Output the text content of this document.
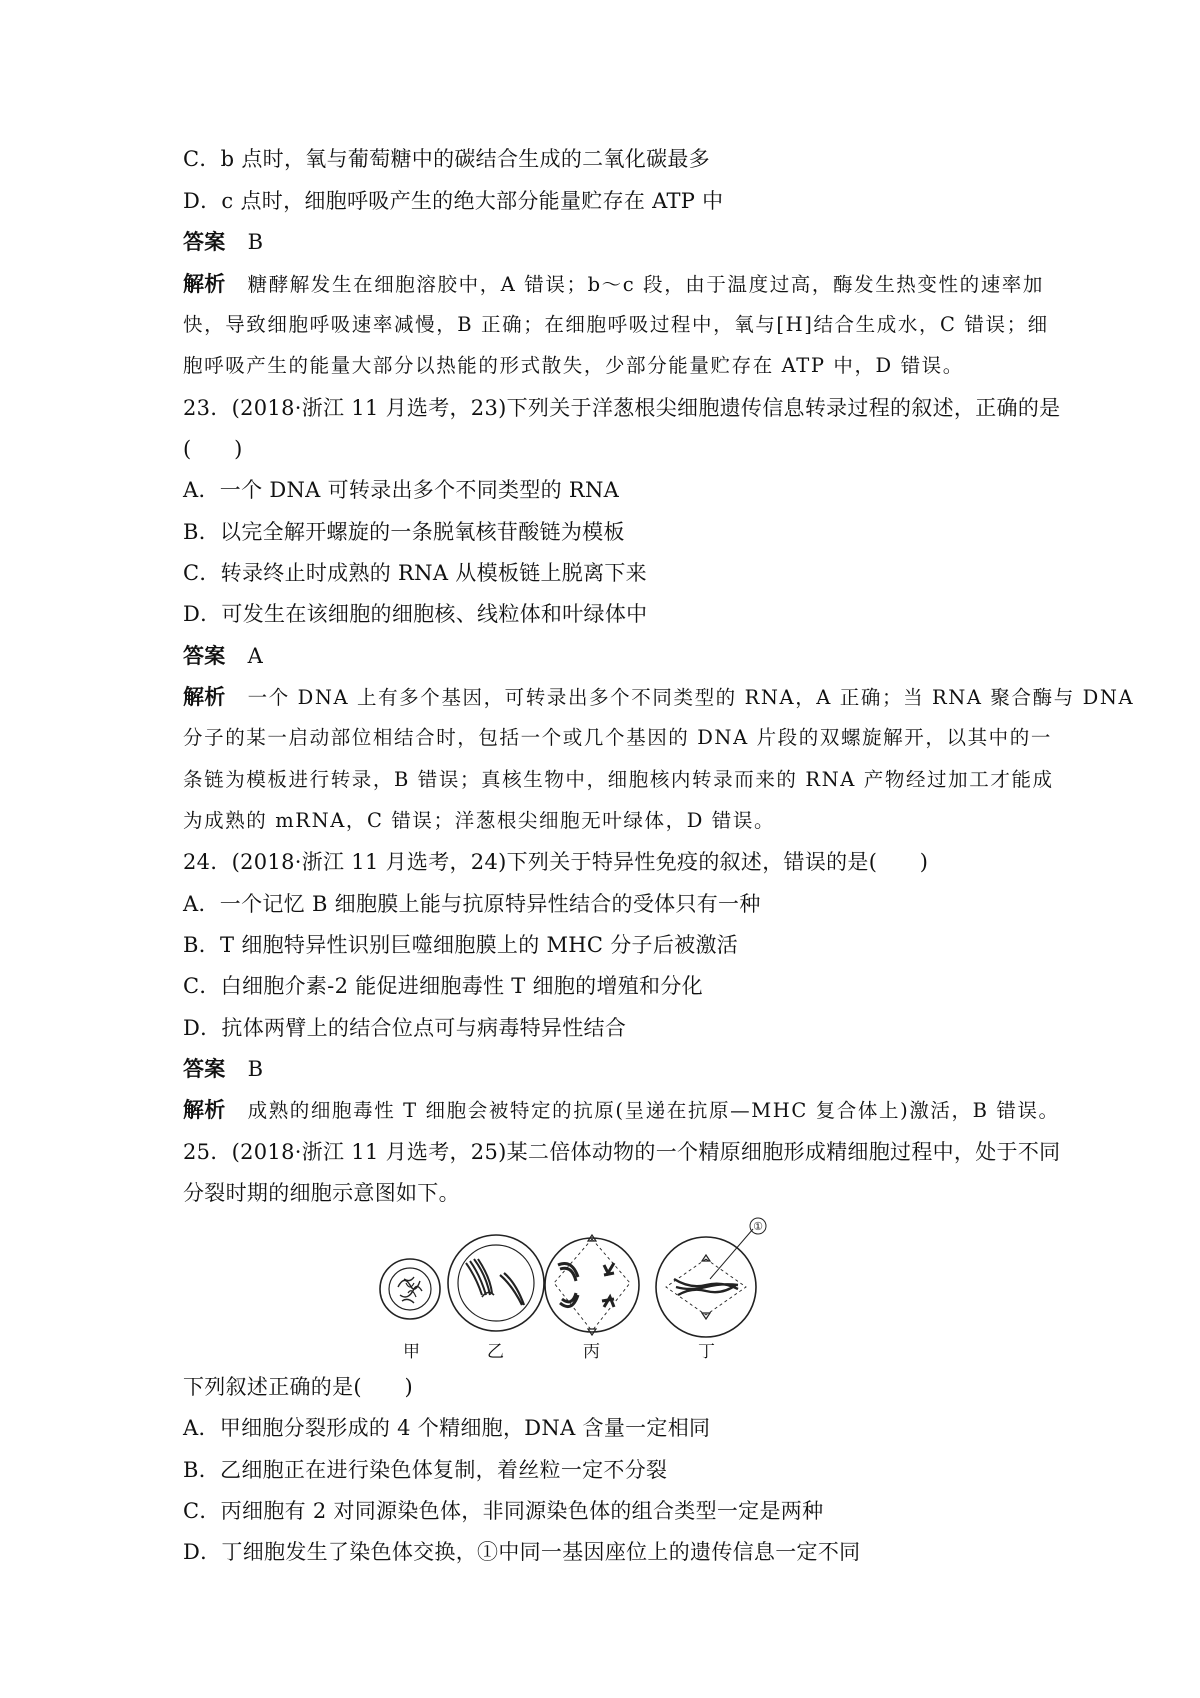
C．b 点时，氧与葡萄糖中的碳结合生成的二氧化碳最多
D．c 点时，细胞呼吸产生的绝大部分能量贮存在 ATP 中
答案 B
解析 糖酵解发生在细胞溶胶中，A 错误；b～c 段，由于温度过高，酶发生热变性的速率加
快，导致细胞呼吸速率减慢，B 正确；在细胞呼吸过程中，氧与[H]结合生成水，C 错误；细
胞呼吸产生的能量大部分以热能的形式散失，少部分能量贮存在 ATP 中，D 错误。
23．(2018·浙江 11 月选考，23)下列关于洋葱根尖细胞遗传信息转录过程的叙述，正确的是
(　　)
A．一个 DNA 可转录出多个不同类型的 RNA
B．以完全解开螺旋的一条脱氧核苷酸链为模板
C．转录终止时成熟的 RNA 从模板链上脱离下来
D．可发生在该细胞的细胞核、线粒体和叶绿体中
答案 A
解析 一个 DNA 上有多个基因，可转录出多个不同类型的 RNA，A 正确；当 RNA 聚合酶与 DNA
分子的某一启动部位相结合时，包括一个或几个基因的 DNA 片段的双螺旋解开，以其中的一
条链为模板进行转录，B 错误；真核生物中，细胞核内转录而来的 RNA 产物经过加工才能成
为成熟的 mRNA，C 错误；洋葱根尖细胞无叶绿体，D 错误。
24．(2018·浙江 11 月选考，24)下列关于特异性免疫的叙述，错误的是(　　)
A．一个记忆 B 细胞膜上能与抗原特异性结合的受体只有一种
B．T 细胞特异性识别巨噬细胞膜上的 MHC 分子后被激活
C．白细胞介素-2 能促进细胞毒性 T 细胞的增殖和分化
D．抗体两臂上的结合位点可与病毒特异性结合
答案 B
解析 成熟的细胞毒性 T 细胞会被特定的抗原(呈递在抗原—MHC 复合体上)激活，B 错误。
25．(2018·浙江 11 月选考，25)某二倍体动物的一个精原细胞形成精细胞过程中，处于不同
分裂时期的细胞示意图如下。
①
甲	乙	丙	丁
下列叙述正确的是(　　)
A．甲细胞分裂形成的 4 个精细胞，DNA 含量一定相同
B．乙细胞正在进行染色体复制，着丝粒一定不分裂
C．丙细胞有 2 对同源染色体，非同源染色体的组合类型一定是两种
D．丁细胞发生了染色体交换，①中同一基因座位上的遗传信息一定不同
